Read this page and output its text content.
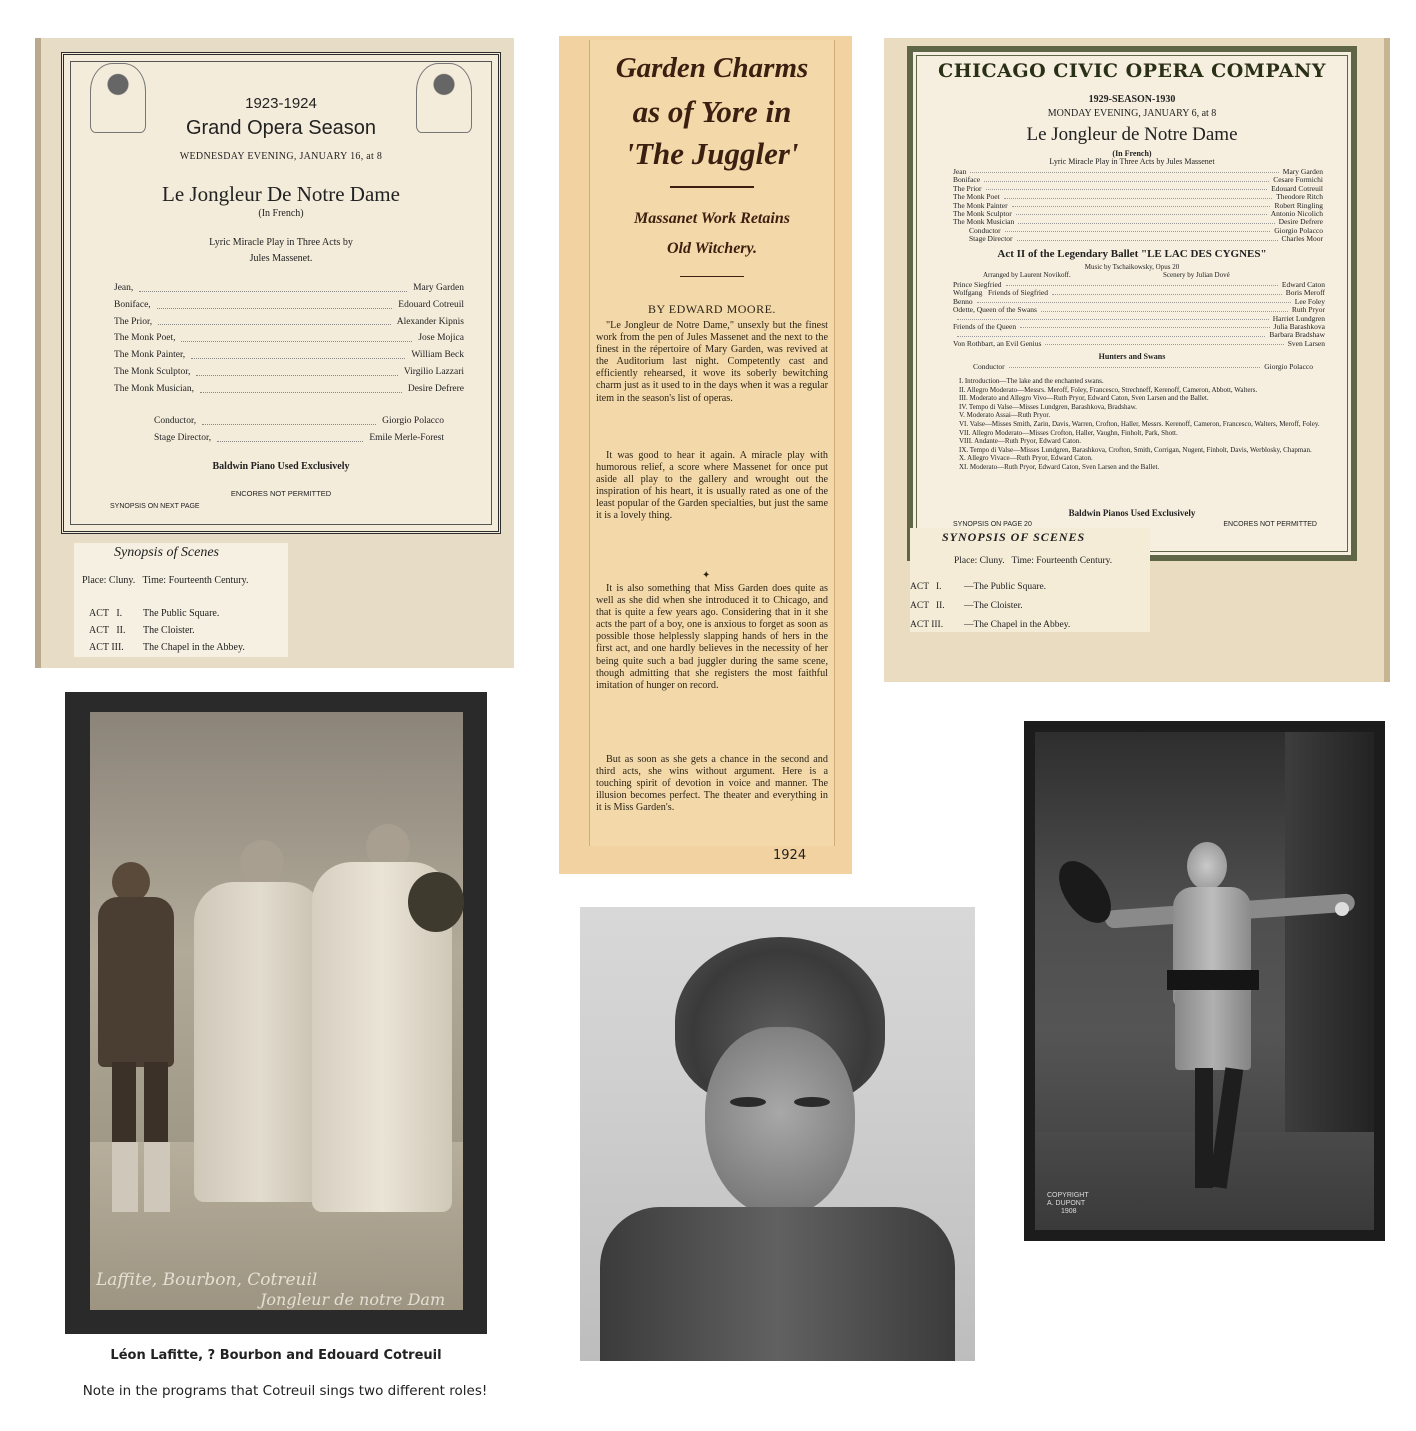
1923-1924
Grand Opera Season
WEDNESDAY EVENING, JANUARY 16, at 8
Le Jongleur De Notre Dame
(In French)
Lyric Miracle Play in Three Acts by
Jules Massenet.
Jean,	Mary Garden
Boniface,	Edouard Cotreuil
The Prior,	Alexander Kipnis
The Monk Poet,	Jose Mojica
The Monk Painter,	William Beck
The Monk Sculptor,	Virgilio Lazzari
The Monk Musician,	Desire Defrere
Conductor,	Giorgio Polacco
Stage Director,	Emile Merle-Forest
Baldwin Piano Used Exclusively
ENCORES NOT PERMITTED
SYNOPSIS ON NEXT PAGE
Synopsis of Scenes
Place: Cluny.   Time: Fourteenth Century.
ACT   I. The Public Square.
ACT   II. The Cloister.
ACT III. The Chapel in the Abbey.
Garden Charms
as of Yore in
'The Juggler'
Massanet Work Retains
Old Witchery.
BY EDWARD MOORE.
"Le Jongleur de Notre Dame," unsexly but the finest work from the pen of Jules Massenet and the next to the finest in the répertoire of Mary Garden, was revived at the Auditorium last night. Competently cast and efficiently rehearsed, it wove its soberly bewitching charm just as it used to in the days when it was a regular item in the season's list of operas.
It was good to hear it again. A miracle play with humorous relief, a score where Massenet for once put aside all play to the gallery and wrought out the inspiration of his heart, it is usually rated as one of the least popular of the Garden specialties, but just the same it is a lovely thing.
✦
It is also something that Miss Garden does quite as well as she did when she introduced it to Chicago, and that is quite a few years ago. Considering that in it she acts the part of a boy, one is anxious to forget as soon as possible those helplessly slapping hands of hers in the first act, and one hardly believes in the necessity of her being quite such a bad juggler during the same scene, though admitting that she registers the most faithful imitation of hunger on record.
But as soon as she gets a chance in the second and third acts, she wins without argument. Here is a touching spirit of devotion in voice and manner. The illusion becomes perfect. The theater and everything in it is Miss Garden's.
1924
CHICAGO CIVIC OPERA COMPANY
1929-SEASON-1930
MONDAY EVENING, JANUARY 6, at 8
Le Jongleur de Notre Dame
(In French)
Lyric Miracle Play in Three Acts by Jules Massenet
Jean	Mary Garden
Boniface	Cesare Formichi
The Prior	Edouard Cotreuil
The Monk Poet	Theodore Ritch
The Monk Painter	Robert Ringling
The Monk Sculptor	Antonio Nicolich
The Monk Musician	Desire Defrere
Conductor	Giorgio Polacco
Stage Director	Charles Moor
Act II of the Legendary Ballet "LE LAC DES CYGNES"
Music by Tschaikowsky, Opus 20
Arranged by Laurent Novikoff.	Scenery by Julian Dové
Prince Siegfried	Edward Caton
Wolfgang   Friends of Siegfried	Boris Meroff
Benno	Lee Foley
Odette, Queen of the Swans	Ruth Pryor
Harriet Lundgren
Friends of the Queen	Julia Barashkova
Barbara Bradshaw
Von Rothbart, an Evil Genius	Sven Larsen
Hunters and Swans
Conductor	Giorgio Polacco
I. Introduction—The lake and the enchanted swans.
II. Allegro Moderato—Messrs. Meroff, Foley, Francesco, Strechneff, Kerenoff, Cameron, Abbott, Walters.
III. Moderato and Allegro Vivo—Ruth Pryor, Edward Caton, Sven Larsen and the Ballet.
IV. Tempo di Valse—Misses Lundgren, Barashkova, Bradshaw.
V. Moderato Assai—Ruth Pryor.
VI. Valse—Misses Smith, Zarin, Davis, Warren, Crofton, Haller, Messrs. Kerenoff, Cameron, Francesco, Walters, Meroff, Foley.
VII. Allegro Moderato—Misses Crofton, Haller, Vaughn, Finholt, Park, Shott.
VIII. Andante—Ruth Pryor, Edward Caton.
IX. Tempo di Valse—Misses Lundgren, Barashkova, Crofton, Smith, Corrigan, Nugent, Finholt, Davis, Werblosky, Chapman.
X. Allegro Vivace—Ruth Pryor, Edward Caton.
XI. Moderato—Ruth Pryor, Edward Caton, Sven Larsen and the Ballet.
Baldwin Pianos Used Exclusively
SYNOPSIS ON PAGE 20	ENCORES NOT PERMITTED
SYNOPSIS OF SCENES
Place: Cluny.   Time: Fourteenth Century.
ACT   I. —The Public Square.
ACT   II. —The Cloister.
ACT III. —The Chapel in the Abbey.
Laffite, Bourbon, Cotreuil
Jongleur de notre Dam
COPYRIGHT
A. DUPONT
1908
Léon Lafitte, ? Bourbon and Edouard Cotreuil
Note in the programs that Cotreuil sings two different roles!
